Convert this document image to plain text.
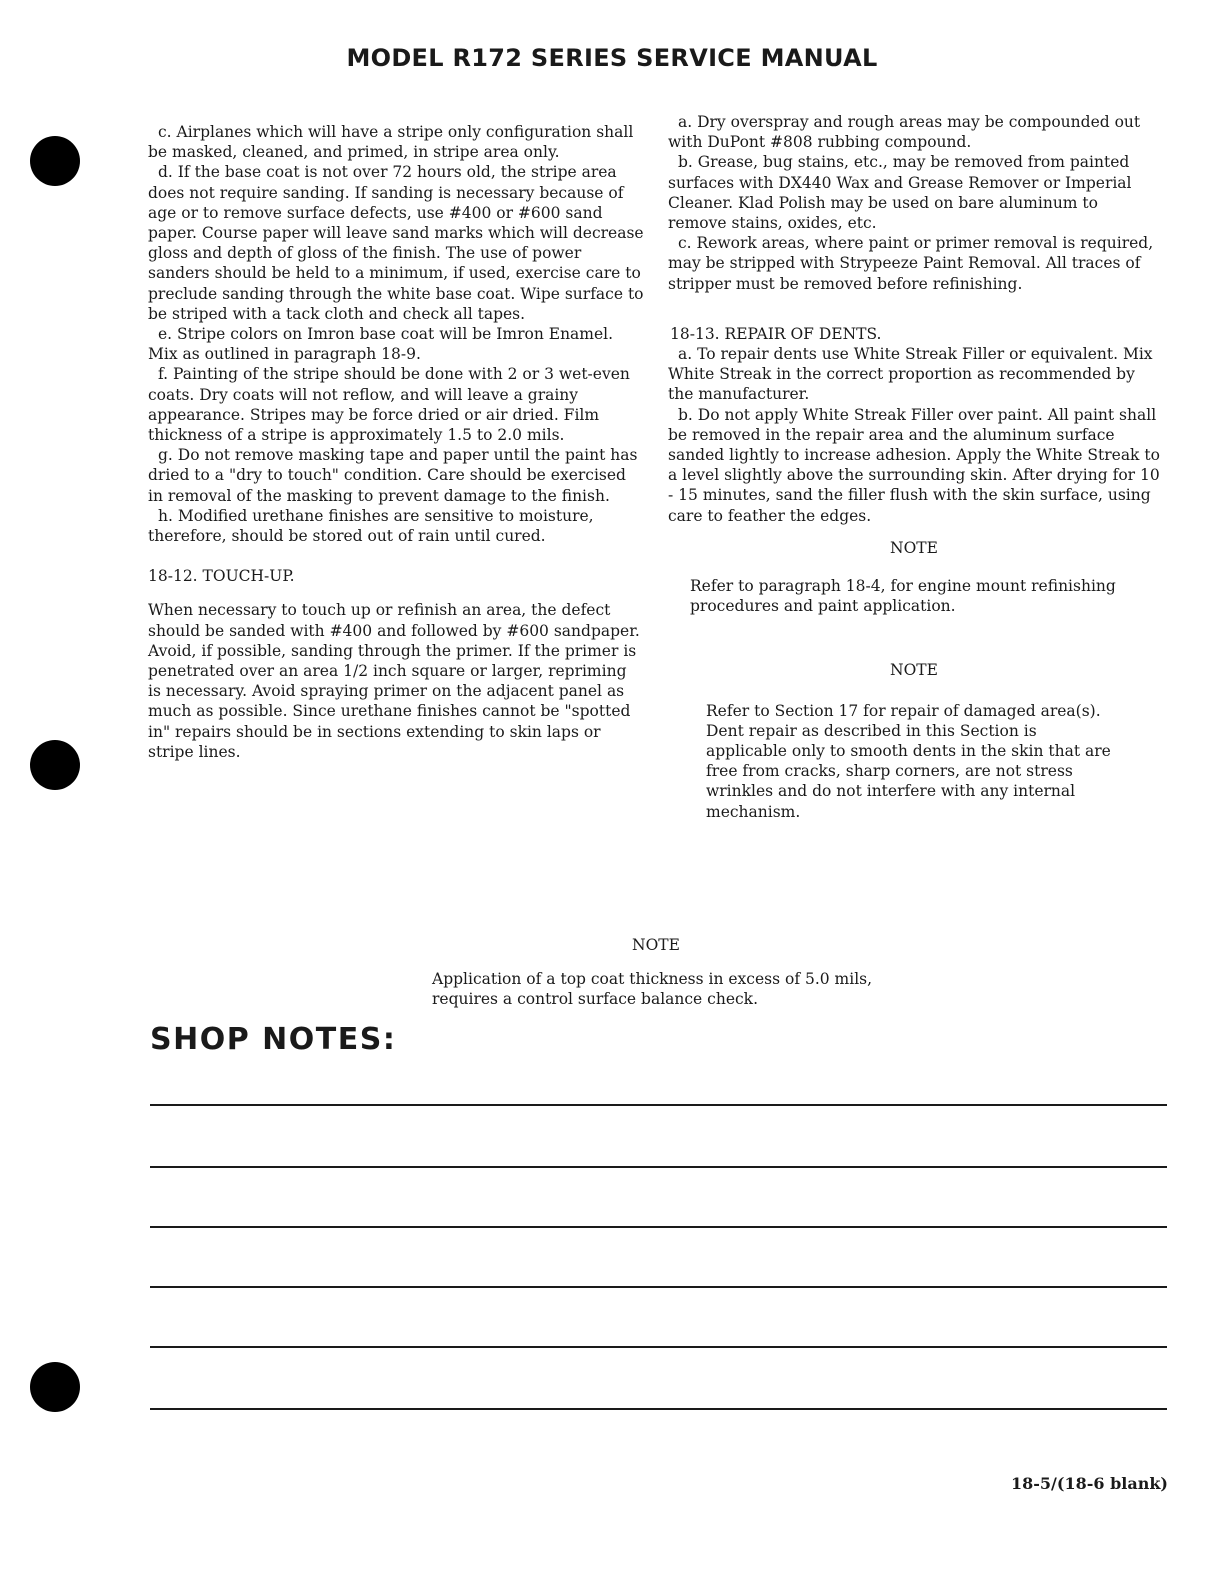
MODEL R172 SERIES SERVICE MANUAL

c. Airplanes which will have a stripe only configuration shall be masked, cleaned, and primed, in stripe area only.

d. If the base coat is not over 72 hours old, the stripe area does not require sanding. If sanding is necessary because of age or to remove surface defects, use #400 or #600 sand paper. Course paper will leave sand marks which will decrease gloss and depth of gloss of the finish. The use of power sanders should be held to a minimum, if used, exercise care to preclude sanding through the white base coat. Wipe surface to be striped with a tack cloth and check all tapes.

e. Stripe colors on Imron base coat will be Imron Enamel. Mix as outlined in paragraph 18-9.

f. Painting of the stripe should be done with 2 or 3 wet-even coats. Dry coats will not reflow, and will leave a grainy appearance. Stripes may be force dried or air dried. Film thickness of a stripe is approximately 1.5 to 2.0 mils.

g. Do not remove masking tape and paper until the paint has dried to a "dry to touch" condition. Care should be exercised in removal of the masking to prevent damage to the finish.

h. Modified urethane finishes are sensitive to moisture, therefore, should be stored out of rain until cured.

18-12. TOUCH-UP.

When necessary to touch up or refinish an area, the defect should be sanded with #400 and followed by #600 sandpaper. Avoid, if possible, sanding through the primer. If the primer is penetrated over an area 1/2 inch square or larger, repriming is necessary. Avoid spraying primer on the adjacent panel as much as possible. Since urethane finishes cannot be "spotted in" repairs should be in sections extending to skin laps or stripe lines.

a. Dry overspray and rough areas may be compounded out with DuPont #808 rubbing compound.

b. Grease, bug stains, etc., may be removed from painted surfaces with DX440 Wax and Grease Remover or Imperial Cleaner. Klad Polish may be used on bare aluminum to remove stains, oxides, etc.

c. Rework areas, where paint or primer removal is required, may be stripped with Strypeeze Paint Removal. All traces of stripper must be removed before refinishing.

18-13. REPAIR OF DENTS.

a. To repair dents use White Streak Filler or equivalent. Mix White Streak in the correct proportion as recommended by the manufacturer.

b. Do not apply White Streak Filler over paint. All paint shall be removed in the repair area and the aluminum surface sanded lightly to increase adhesion. Apply the White Streak to a level slightly above the surrounding skin. After drying for 10 - 15 minutes, sand the filler flush with the skin surface, using care to feather the edges.

NOTE

Refer to paragraph 18-4, for engine mount refinishing procedures and paint application.

NOTE

Refer to Section 17 for repair of damaged area(s). Dent repair as described in this Section is applicable only to smooth dents in the skin that are free from cracks, sharp corners, are not stress wrinkles and do not interfere with any internal mechanism.

NOTE
Application of a top coat thickness in excess of 5.0 mils, requires a control surface balance check.
SHOP NOTES:
18-5/(18-6 blank)
